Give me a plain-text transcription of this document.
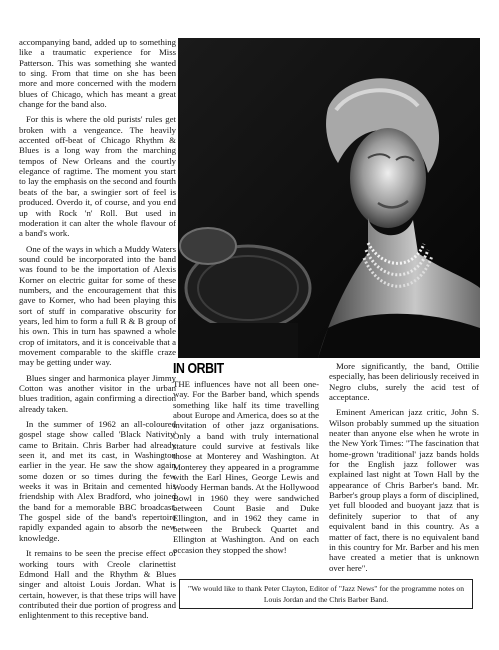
accompanying band, added up to something like a traumatic experience for Miss Patterson. This was something she wanted to sing. From that time on she has been more and more concerned with the modern blues of Chicago, which has meant a great change for the band also.

For this is where the old purists' rules get broken with a vengeance. The heavily accented off-beat of Chicago Rhythm & Blues is a long way from the marching tempos of New Orleans and the courtly elegance of ragtime. The moment you start to lay the emphasis on the second and fourth beats of the bar, a swingier sort of feel is produced. Overdo it, of course, and you end up with Rock 'n' Roll. But used in moderation it can alter the whole flavour of a band's work.

One of the ways in which a Muddy Waters sound could be incorporated into the band was found to be the importation of Alexis Korner on electric guitar for some of these numbers, and the encouragement that this gave to Korner, who had been playing this sort of stuff in comparative obscurity for years, led him to form a full R & B group of his own. This in turn has spawned a whole crop of imitators, and it is conceivable that a movement comparable to the skiffle craze may be getting under way.

Blues singer and harmonica player Jimmy Cotton was another visitor in the urban blues tradition, again confirming a direction already taken.

In the summer of 1962 an all-coloured gospel stage show called 'Black Nativity' came to Britain. Chris Barber had already seen it, and met its cast, in Washington earlier in the year. He saw the show again some dozen or so times during the few weeks it was in Britain and cemented his friendship with Alex Bradford, who joined the band for a memorable BBC broadcast. The gospel side of the band's repertoire rapidly expanded again to absorb the new knowledge.

It remains to be seen the precise effect of working tours with Creole clarinettist Edmond Hall and the Rhythm & Blues singer and altoist Louis Jordan. What is certain, however, is that these trips will have contributed their due portion of progress and enlightenment to this receptive band.

IN ORBIT

THE influences have not all been one-way. For the Barber band, which spends something like half its time travelling about Europe and America, does so at the invitation of other jazz organisations. Only a band with truly international stature could survive at festivals like those at Monterey and Washington. At Monterey they appeared in a programme with the Earl Hines, George Lewis and Woody Herman bands. At the Hollywood Bowl in 1960 they were sandwiched between Count Basie and Duke Ellington, and in 1962 they came in between the Brubeck Quartet and Ellington at Washington. And on each occasion they stopped the show!

More significantly, the band, Ottilie especially, has been deliriously received in Negro clubs, surely the acid test of acceptance.

Eminent American jazz critic, John S. Wilson probably summed up the situation neater than anyone else when he wrote in the New York Times: "The fascination that home-grown 'traditional' jazz bands holds for the English jazz follower was explained last night at Town Hall by the appearance of Chris Barber's band. Mr. Barber's group plays a form of disciplined, yet full blooded and buoyant jazz that is definitely superior to that of any equivalent band in this country. As a matter of fact, there is no equivalent band in this country for Mr. Barber and his men have created a metier that is unknown over here".

"We would like to thank Peter Clayton, Editor of "Jazz News" for the programme notes on Louis Jordan and the Chris Barber Band.
